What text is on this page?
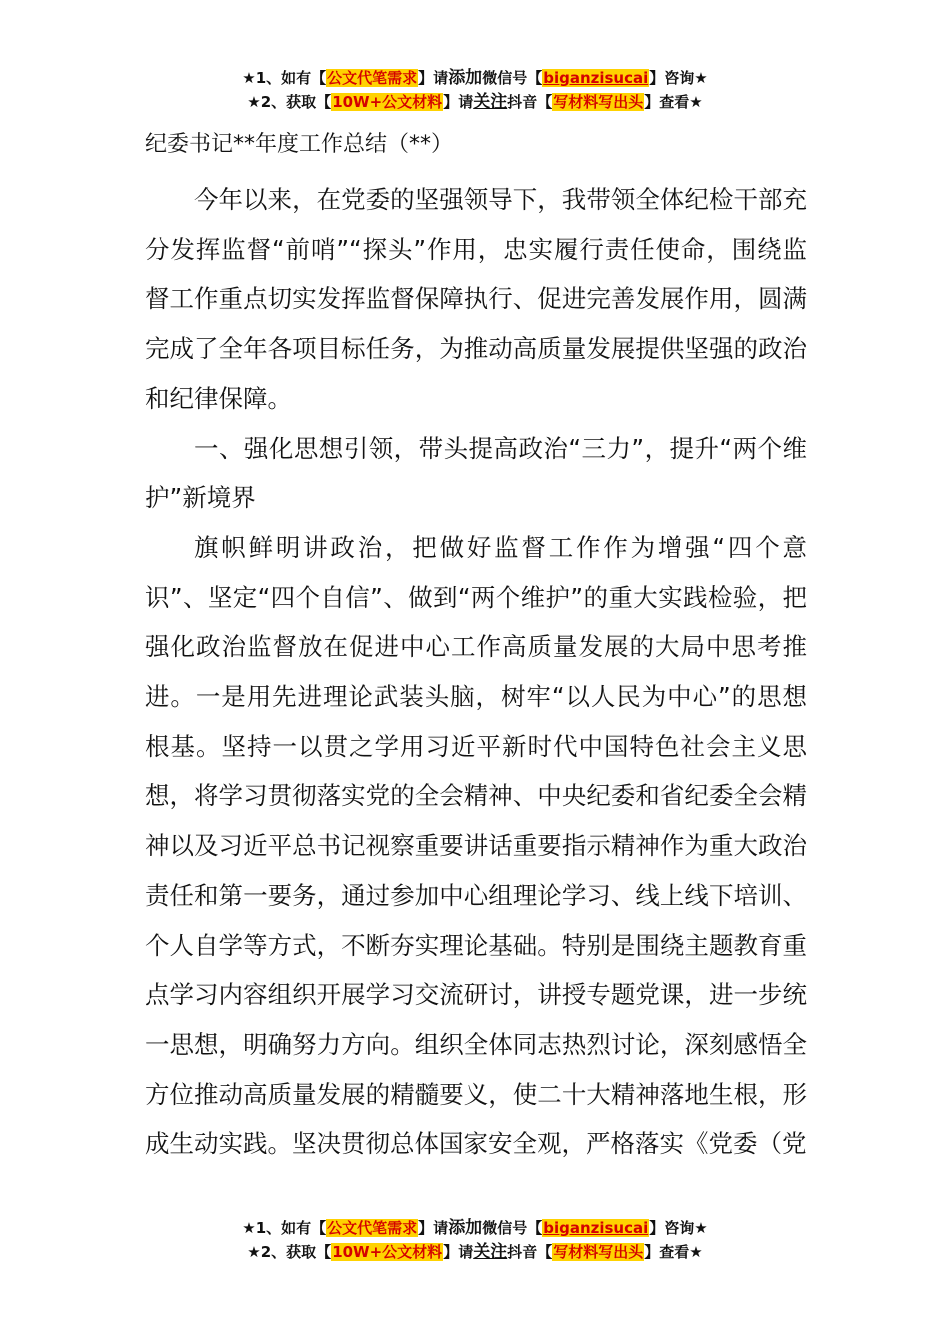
★1、如有【公文代笔需求】请添加微信号【biganzisucai】咨询★
★2、获取【10W+公文材料】请关注抖音【写材料写出头】查看★
纪委书记**年度工作总结（**）

今年以来，在党委的坚强领导下，我带领全体纪检干部充分发挥监督“前哨”“探头”作用，忠实履行责任使命，围绕监督工作重点切实发挥监督保障执行、促进完善发展作用，圆满完成了全年各项目标任务，为推动高质量发展提供坚强的政治和纪律保障。

一、强化思想引领，带头提高政治“三力”，提升“两个维护”新境界

旗帜鲜明讲政治，把做好监督工作作为增强“四个意识”、坚定“四个自信”、做到“两个维护”的重大实践检验，把强化政治监督放在促进中心工作高质量发展的大局中思考推进。一是用先进理论武装头脑，树牢“以人民为中心”的思想根基。坚持一以贯之学用习近平新时代中国特色社会主义思想，将学习贯彻落实党的全会精神、中央纪委和省纪委全会精神以及习近平总书记视察重要讲话重要指示精神作为重大政治责任和第一要务，通过参加中心组理论学习、线上线下培训、个人自学等方式，不断夯实理论基础。特别是围绕主题教育重点学习内容组织开展学习交流研讨，讲授专题党课，进一步统一思想，明确努力方向。组织全体同志热烈讨论，深刻感悟全方位推动高质量发展的精髓要义，使二十大精神落地生根，形成生动实践。坚决贯彻总体国家安全观，严格落实《党委（党

★1、如有【公文代笔需求】请添加微信号【biganzisucai】咨询★
★2、获取【10W+公文材料】请关注抖音【写材料写出头】查看★
